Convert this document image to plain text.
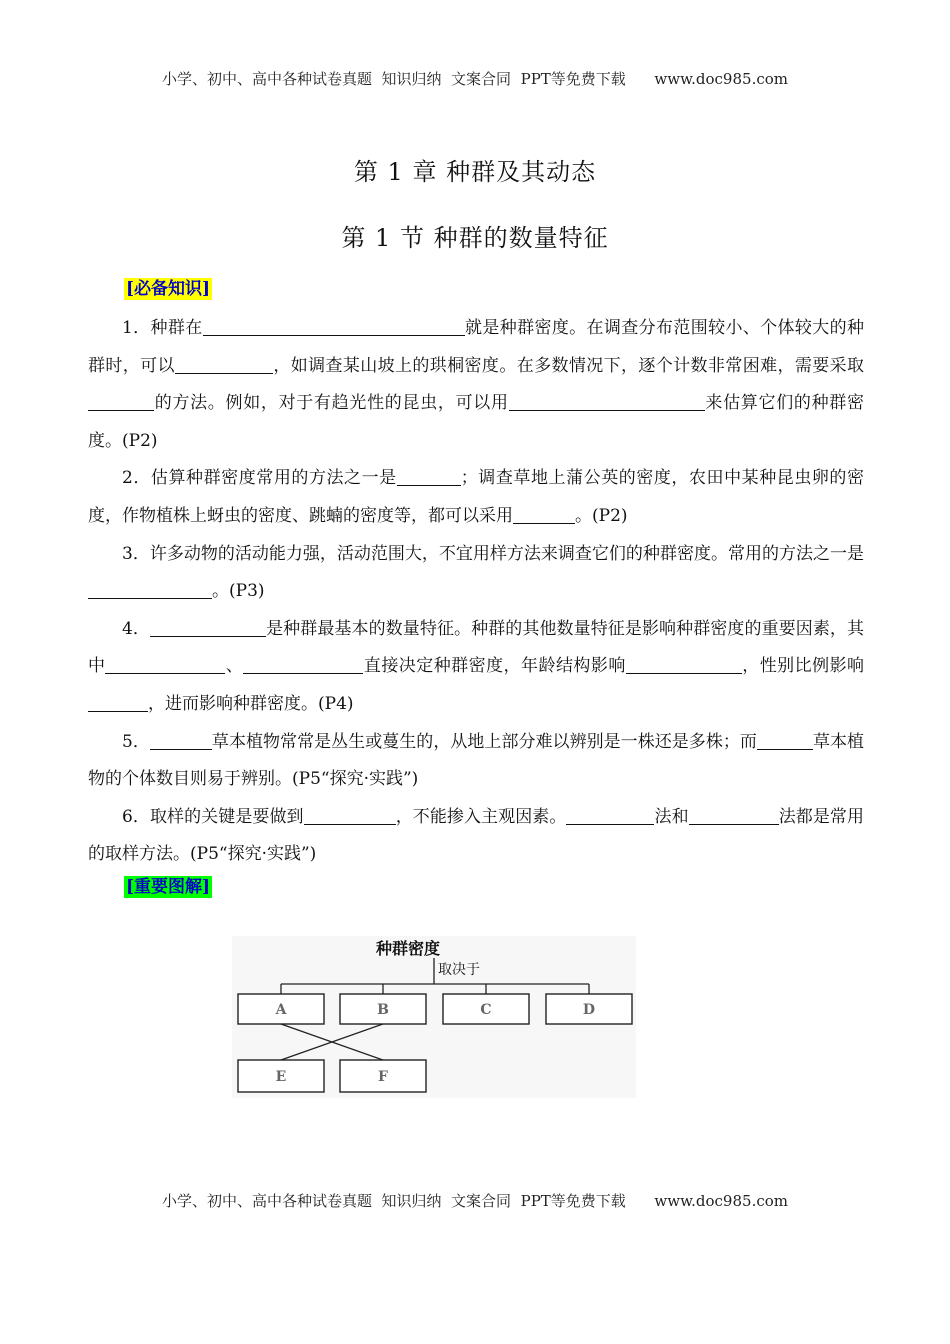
小学、初中、高中各种试卷真题  知识归纳  文案合同  PPT等免费下载      www.doc985.com
第 1 章 种群及其动态
第 1 节 种群的数量特征
[必备知识]

1．种群在	就是种群密度。在调查分布范围较小、个体较大的种群时，可以	，如调查某山坡上的珙桐密度。在多数情况下，逐个计数非常困难，需要采取的方法。例如，对于有趋光性的昆虫，可以用	来估算它们的种群密度。(P2)

2．估算种群密度常用的方法之一是	；调查草地上蒲公英的密度，农田中某种昆虫卵的密度，作物植株上蚜虫的密度、跳蝻的密度等，都可以采用	。(P2)

3．许多动物的活动能力强，活动范围大，不宜用样方法来调查它们的种群密度。常用的方法之一是。(P3)

4．	是种群最基本的数量特征。种群的其他数量特征是影响种群密度的重要因素，其中	、	直接决定种群密度，年龄结构影响	，性别比例影响，进而影响种群密度。(P4)

5．	草本植物常常是丛生或蔓生的，从地上部分难以辨别是一株还是多株；而	草本植物的个体数目则易于辨别。(P5“探究·实践”)

6．取样的关键是要做到	，不能掺入主观因素。	法和	法都是常用的取样方法。(P5“探究·实践”)

[重要图解]
种群密度
取决于
A	B	C	D
E	F
小学、初中、高中各种试卷真题  知识归纳  文案合同  PPT等免费下载      www.doc985.com
